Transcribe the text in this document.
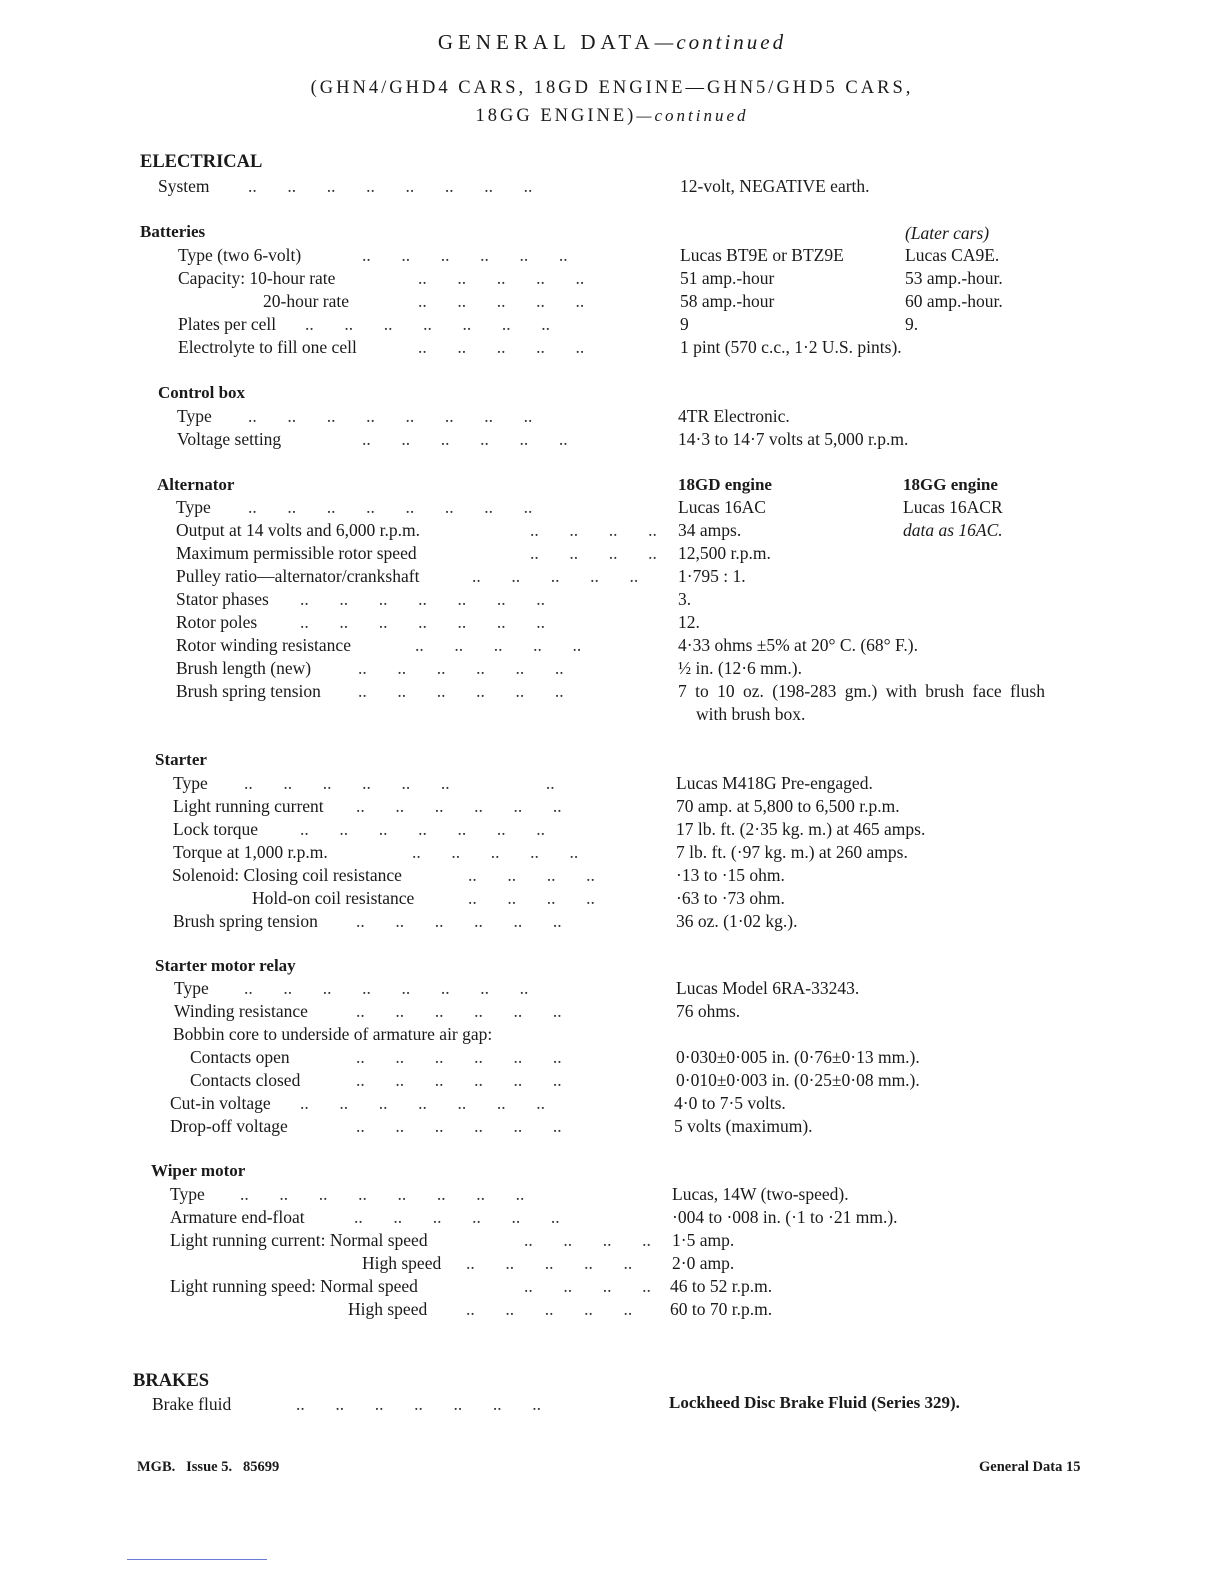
GENERAL DATA—continued
(GHN4/GHD4 CARS, 18GD ENGINE—GHN5/GHD5 CARS,
18GG ENGINE)—continued
ELECTRICAL
System ..       ..       ..       ..       ..       ..       ..       ..	12-volt, NEGATIVE earth.
Batteries	(Later cars)
Type (two 6-volt)	..       ..       ..       ..       ..       ..	Lucas BT9E or BTZ9E	Lucas CA9E.
Capacity: 10-hour rate	..       ..       ..       ..       ..	51 amp.-hour	53 amp.-hour.
20-hour rate	..       ..       ..       ..       ..	58 amp.-hour	60 amp.-hour.
Plates per cell ..       ..       ..       ..       ..       ..       ..	9	9.
Electrolyte to fill one cell	..       ..       ..       ..       ..	1 pint (570 c.c., 1·2 U.S. pints).
Control box
Type ..       ..       ..       ..       ..       ..       ..       ..	4TR Electronic.
Voltage setting	..       ..       ..       ..       ..       ..	14·3 to 14·7 volts at 5,000 r.p.m.
Alternator	18GD engine	18GG engine
Type ..       ..       ..       ..       ..       ..       ..       ..	Lucas 16AC	Lucas 16ACR
Output at 14 volts and 6,000 r.p.m.	..       ..       ..       .. 34 amps.	data as 16AC.
Maximum permissible rotor speed	..       ..       ..       .. 12,500 r.p.m.
Pulley ratio—alternator/crankshaft	..       ..       ..       ..       .. 1·795 : 1.
Stator phases ..       ..       ..       ..       ..       ..       ..	3.
Rotor poles ..       ..       ..       ..       ..       ..       ..	12.
Rotor winding resistance	..       ..       ..       ..       ..	4·33 ohms ±5% at 20° C. (68° F.).
Brush length (new)	..       ..       ..       ..       ..       ..	½ in. (12·6 mm.).
Brush spring tension ..       ..       ..       ..       ..       ..	7 to 10 oz. (198-283 gm.) with brush face flush
with brush box.
Starter
Type ..       ..       ..       ..       ..       ..                      ..	Lucas M418G Pre-engaged.
Light running current ..       ..       ..       ..       ..       ..	70 amp. at 5,800 to 6,500 r.p.m.
Lock torque ..       ..       ..       ..       ..       ..       ..	17 lb. ft. (2·35 kg. m.) at 465 amps.
Torque at 1,000 r.p.m.	..       ..       ..       ..       ..	7 lb. ft. (·97 kg. m.) at 260 amps.
Solenoid: Closing coil resistance	..       ..       ..       ..	·13 to ·15 ohm.
Hold-on coil resistance	..       ..       ..       ..	·63 to ·73 ohm.
Brush spring tension ..       ..       ..       ..       ..       ..	36 oz. (1·02 kg.).
Starter motor relay
Type ..       ..       ..       ..       ..       ..       ..       ..	Lucas Model 6RA-33243.
Winding resistance	..       ..       ..       ..       ..       ..	76 ohms.
Bobbin core to underside of armature air gap:
Contacts open	..       ..       ..       ..       ..       ..	0·030±0·005 in. (0·76±0·13 mm.).
Contacts closed	..       ..       ..       ..       ..       ..	0·010±0·003 in. (0·25±0·08 mm.).
Cut-in voltage ..       ..       ..       ..       ..       ..       ..	4·0 to 7·5 volts.
Drop-off voltage	..       ..       ..       ..       ..       ..	5 volts (maximum).
Wiper motor
Type ..       ..       ..       ..       ..       ..       ..       ..	Lucas, 14W (two-speed).
Armature end-float	..       ..       ..       ..       ..       ..	·004 to ·008 in. (·1 to ·21 mm.).
Light running current: Normal speed	..       ..       ..       .. 1·5 amp.
High speed ..       ..       ..       ..       .. 2·0 amp.
Light running speed: Normal speed	..       ..       ..       .. 46 to 52 r.p.m.
High speed ..       ..       ..       ..       .. 60 to 70 r.p.m.
BRAKES
Brake fluid	..       ..       ..       ..       ..       ..       ..	Lockheed Disc Brake Fluid (Series 329).
MGB.   Issue 5.   85699	General Data 15
